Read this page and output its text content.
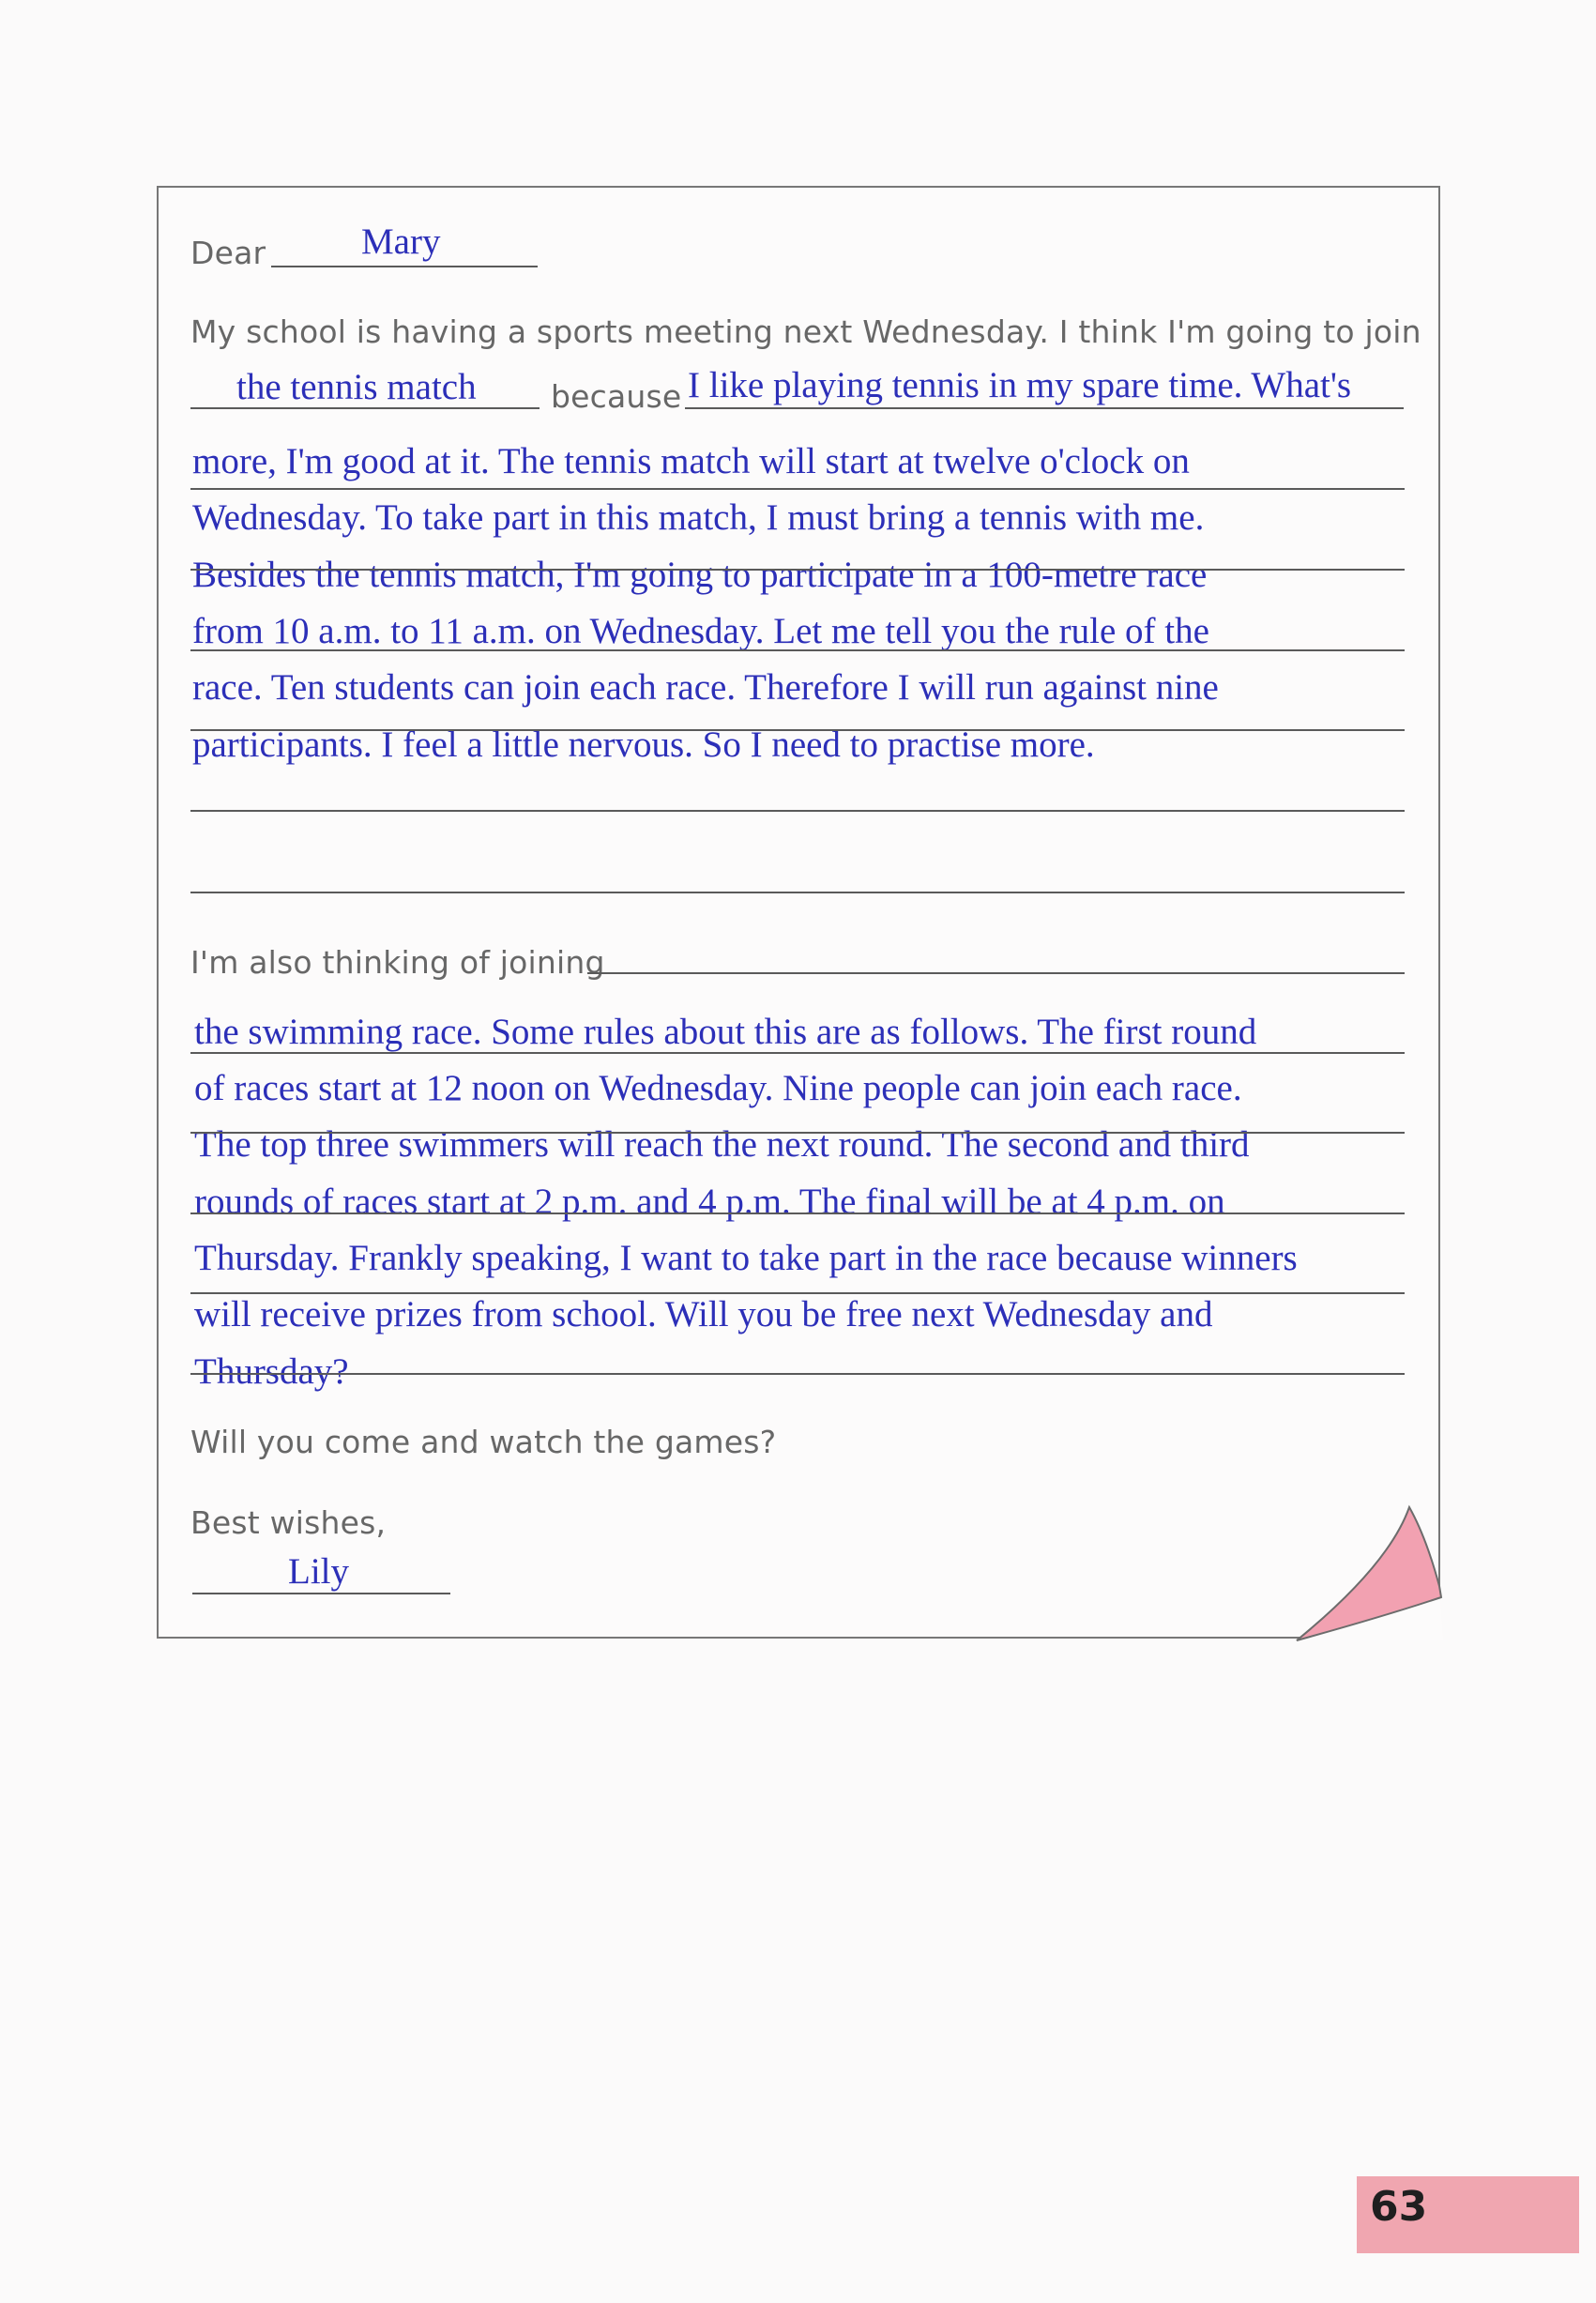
Dear	Mary
My school is having a sports meeting next Wednesday. I think I'm going to join
the tennis match because I like playing tennis in my spare time. What's
more, I'm good at it. The tennis match will start at twelve o'clock on
Wednesday. To take part in this match, I must bring a tennis with me.
Besides the tennis match, I'm going to participate in a 100-metre race
from 10 a.m. to 11 a.m. on Wednesday. Let me tell you the rule of the
race. Ten students can join each race. Therefore I will run against nine
participants. I feel a little nervous. So I need to practise more.
I'm also thinking of joining
the swimming race. Some rules about this are as follows. The first round
of races start at 12 noon on Wednesday. Nine people can join each race.
The top three swimmers will reach the next round. The second and third
rounds of races start at 2 p.m. and 4 p.m. The final will be at 4 p.m. on
Thursday. Frankly speaking, I want to take part in the race because winners
will receive prizes from school. Will you be free next Wednesday and
Thursday?
Will you come and watch the games?
Best wishes,
Lily
63
